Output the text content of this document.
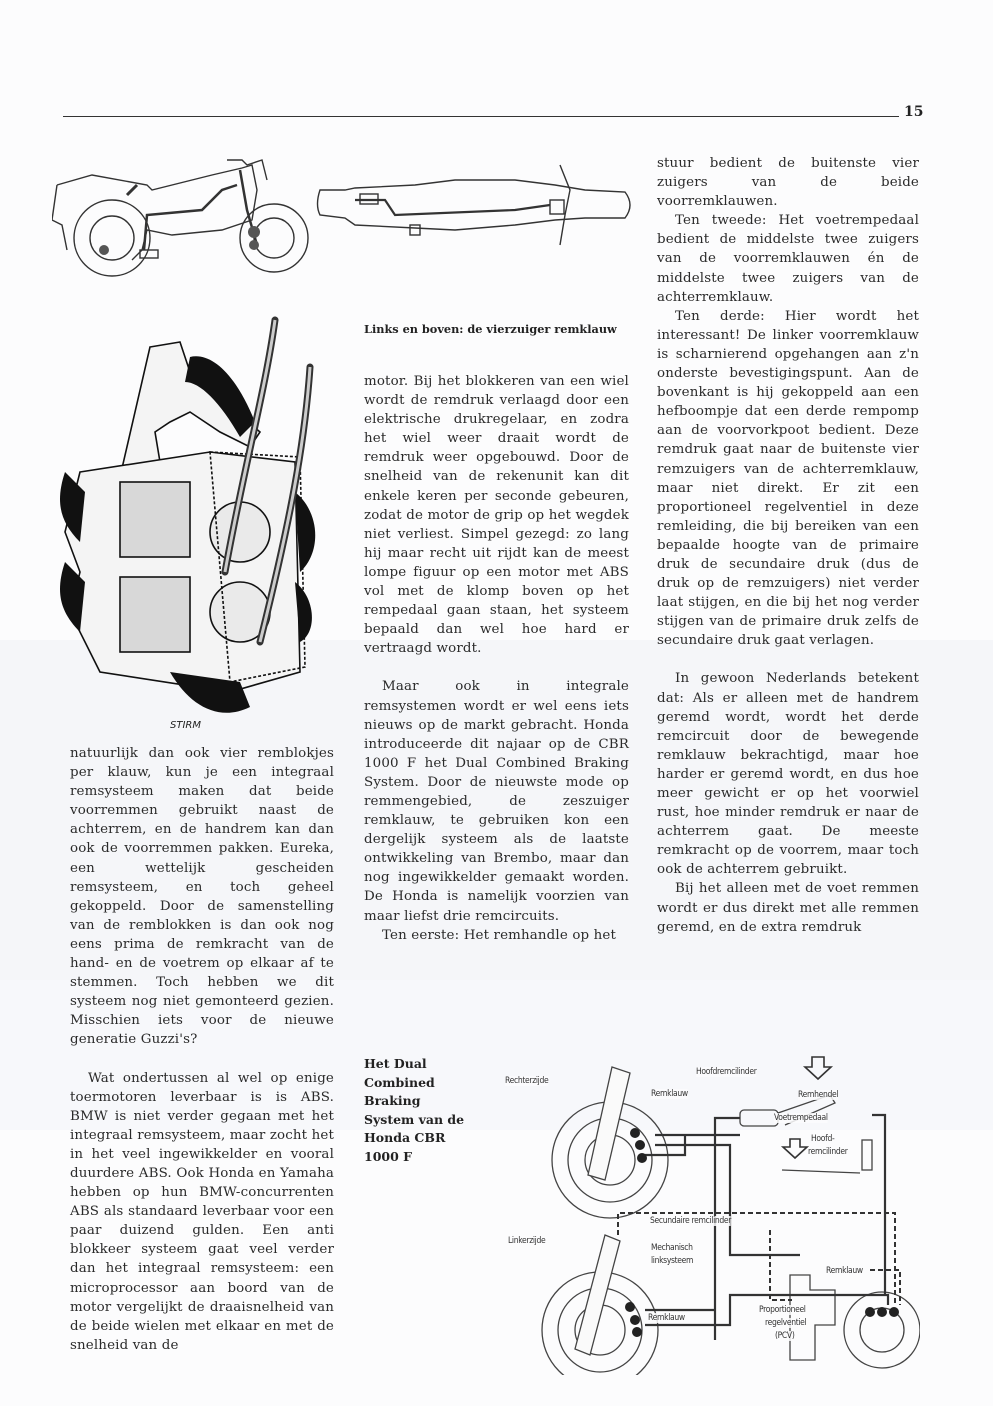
15
STIRM
Links en boven: de vierzuiger remklauw

natuurlijk dan ook vier remblokjes per klauw, kun je een integraal remsysteem maken dat beide voorremmen gebruikt naast de achterrem, en de handrem kan dan ook de voorremmen pakken. Eureka, een wettelijk gescheiden remsysteem, en toch geheel gekoppeld. Door de samenstelling van de remblokken is dan ook nog eens prima de remkracht van de hand- en de voetrem op elkaar af te stemmen. Toch hebben we dit systeem nog niet gemonteerd gezien. Misschien iets voor de nieuwe generatie Guzzi's?

Wat ondertussen al wel op enige toermotoren leverbaar is is ABS. BMW is niet verder gegaan met het integraal remsysteem, maar zocht het in het veel ingewikkelder en vooral duurdere ABS. Ook Honda en Yamaha hebben op hun BMW-concurrenten ABS als standaard leverbaar voor een paar duizend gulden. Een anti blokkeer systeem gaat veel verder dan het integraal remsysteem: een microprocessor aan boord van de motor vergelijkt de draaisnelheid van de beide wielen met elkaar en met de snelheid van de

motor. Bij het blokkeren van een wiel wordt de remdruk verlaagd door een elektrische drukregelaar, en zodra het wiel weer draait wordt de remdruk weer opgebouwd. Door de snelheid van de rekenunit kan dit enkele keren per seconde gebeuren, zodat de motor de grip op het wegdek niet verliest. Simpel gezegd: zo lang hij maar recht uit rijdt kan de meest lompe figuur op een motor met ABS vol met de klomp boven op het rempedaal gaan staan, het systeem bepaald dan wel hoe hard er vertraagd wordt.

Maar ook in integrale remsystemen wordt er wel eens iets nieuws op de markt gebracht. Honda introduceerde dit najaar op de CBR 1000 F het Dual Combined Braking System. Door de nieuwste mode op remmengebied, de zeszuiger remklauw, te gebruiken kon een dergelijk systeem als de laatste ontwikkeling van Brembo, maar dan nog ingewikkelder gemaakt worden. De Honda is namelijk voorzien van maar liefst drie remcircuits.

Ten eerste: Het remhandle op het

stuur bedient de buitenste vier zuigers van de beide voorremklauwen.

Ten tweede: Het voetrempedaal bedient de middelste twee zuigers van de voorremklauwen én de middelste twee zuigers van de achterremklauw.

Ten derde: Hier wordt het interessant! De linker voorremklauw is scharnierend opgehangen aan z'n onderste bevestigingspunt. Aan de bovenkant is hij gekoppeld aan een hefboompje dat een derde rempomp aan de voorvorkpoot bedient. Deze remdruk gaat naar de buitenste vier remzuigers van de achterremklauw, maar niet direkt. Er zit een proportioneel regelventiel in deze remleiding, die bij bereiken van een bepaalde hoogte van de primaire druk de secundaire druk (dus de druk op de remzuigers) niet verder laat stijgen, en die bij het nog verder stijgen van de primaire druk zelfs de secundaire druk gaat verlagen.

In gewoon Nederlands betekent dat: Als er alleen met de handrem geremd wordt, wordt het derde remcircuit door de bewegende remklauw bekrachtigd, maar hoe harder er geremd wordt, en dus hoe meer gewicht er op het voorwiel rust, hoe minder remdruk er naar de achterrem gaat. De meeste remkracht op de voorrem, maar toch ook de achterrem gebruikt.

Bij het alleen met de voet remmen wordt er dus direkt met alle remmen geremd, en de extra remdruk

Het Dual
Combined
Braking
System van de
Honda CBR
1000 F
Rechterzijde
Linkerzijde
Hoofdremcilinder
Remhendel
Voetrempedaal
Hoofd-
remcilinder
Remklauw
Secundaire remcilinder
Mechanisch
linksysteem
Remklauw
Remklauw
Proportioneel
regelventiel
(PCV)
